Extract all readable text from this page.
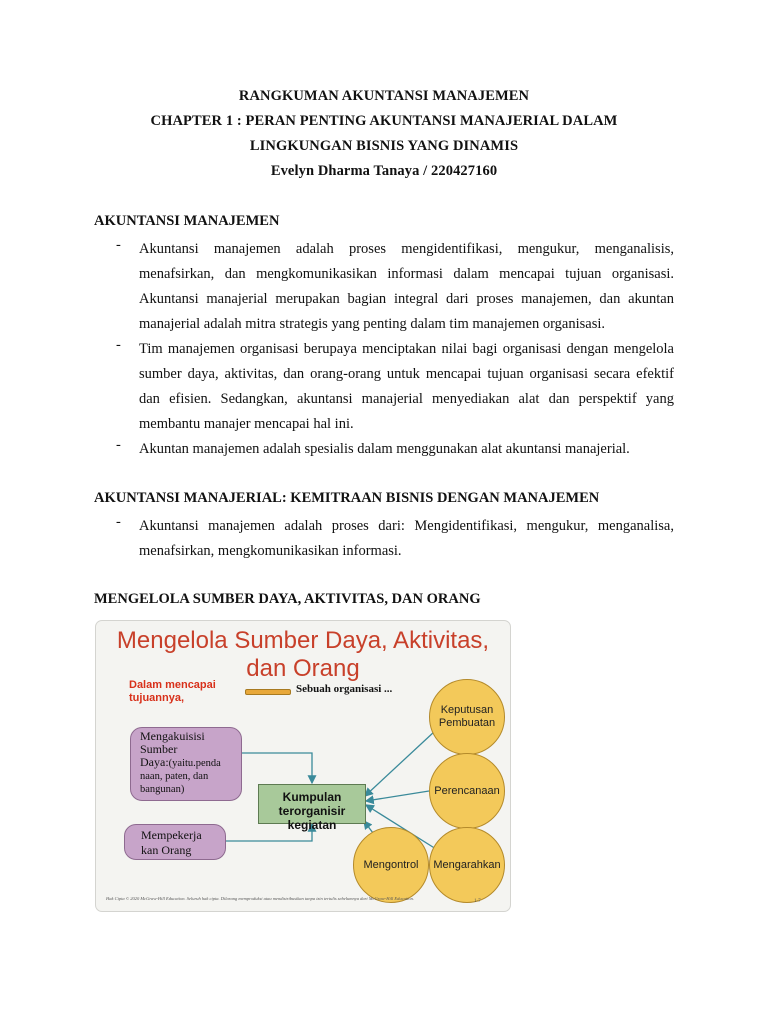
RANGKUMAN AKUNTANSI MANAJEMEN
CHAPTER 1 : PERAN PENTING AKUNTANSI MANAJERIAL DALAM
LINGKUNGAN BISNIS YANG DINAMIS
Evelyn Dharma Tanaya / 220427160
AKUNTANSI MANAJEMEN
- Akuntansi manajemen adalah proses mengidentifikasi, mengukur, menganalisis, menafsirkan, dan mengkomunikasikan informasi dalam mencapai tujuan organisasi. Akuntansi manajerial merupakan bagian integral dari proses manajemen, dan akuntan manajerial adalah mitra strategis yang penting dalam tim manajemen organisasi.
- Tim manajemen organisasi berupaya menciptakan nilai bagi organisasi dengan mengelola sumber daya, aktivitas, dan orang-orang untuk mencapai tujuan organisasi secara efektif dan efisien. Sedangkan, akuntansi manajerial menyediakan alat dan perspektif yang membantu manajer mencapai hal ini.
- Akuntan manajemen adalah spesialis dalam menggunakan alat akuntansi manajerial.
AKUNTANSI MANAJERIAL: KEMITRAAN BISNIS DENGAN MANAJEMEN
- Akuntansi manajemen adalah proses dari: Mengidentifikasi, mengukur, menganalisa, menafsirkan, mengkomunikasikan informasi.
MENGELOLA SUMBER DAYA, AKTIVITAS, DAN ORANG
Mengelola Sumber Daya, Aktivitas,
dan Orang
Dalam mencapai
tujuannya,
Sebuah organisasi ...
Mengakuisisi
Sumber
Daya:(yaitu.penda
naan, paten, dan
bangunan)
Mempekerja
kan Orang
Kumpulan terorganisir
kegiatan
Keputusan
Pembuatan
Perencanaan
Mengontrol Mengarahkan
Hak Cipta © 2020 McGraw-Hill Education. Seluruh hak cipta. Dilarang memproduksi atau mendistribusikan tanpa izin tertulis sebelumnya dari McGraw-Hill Education.
1-7
